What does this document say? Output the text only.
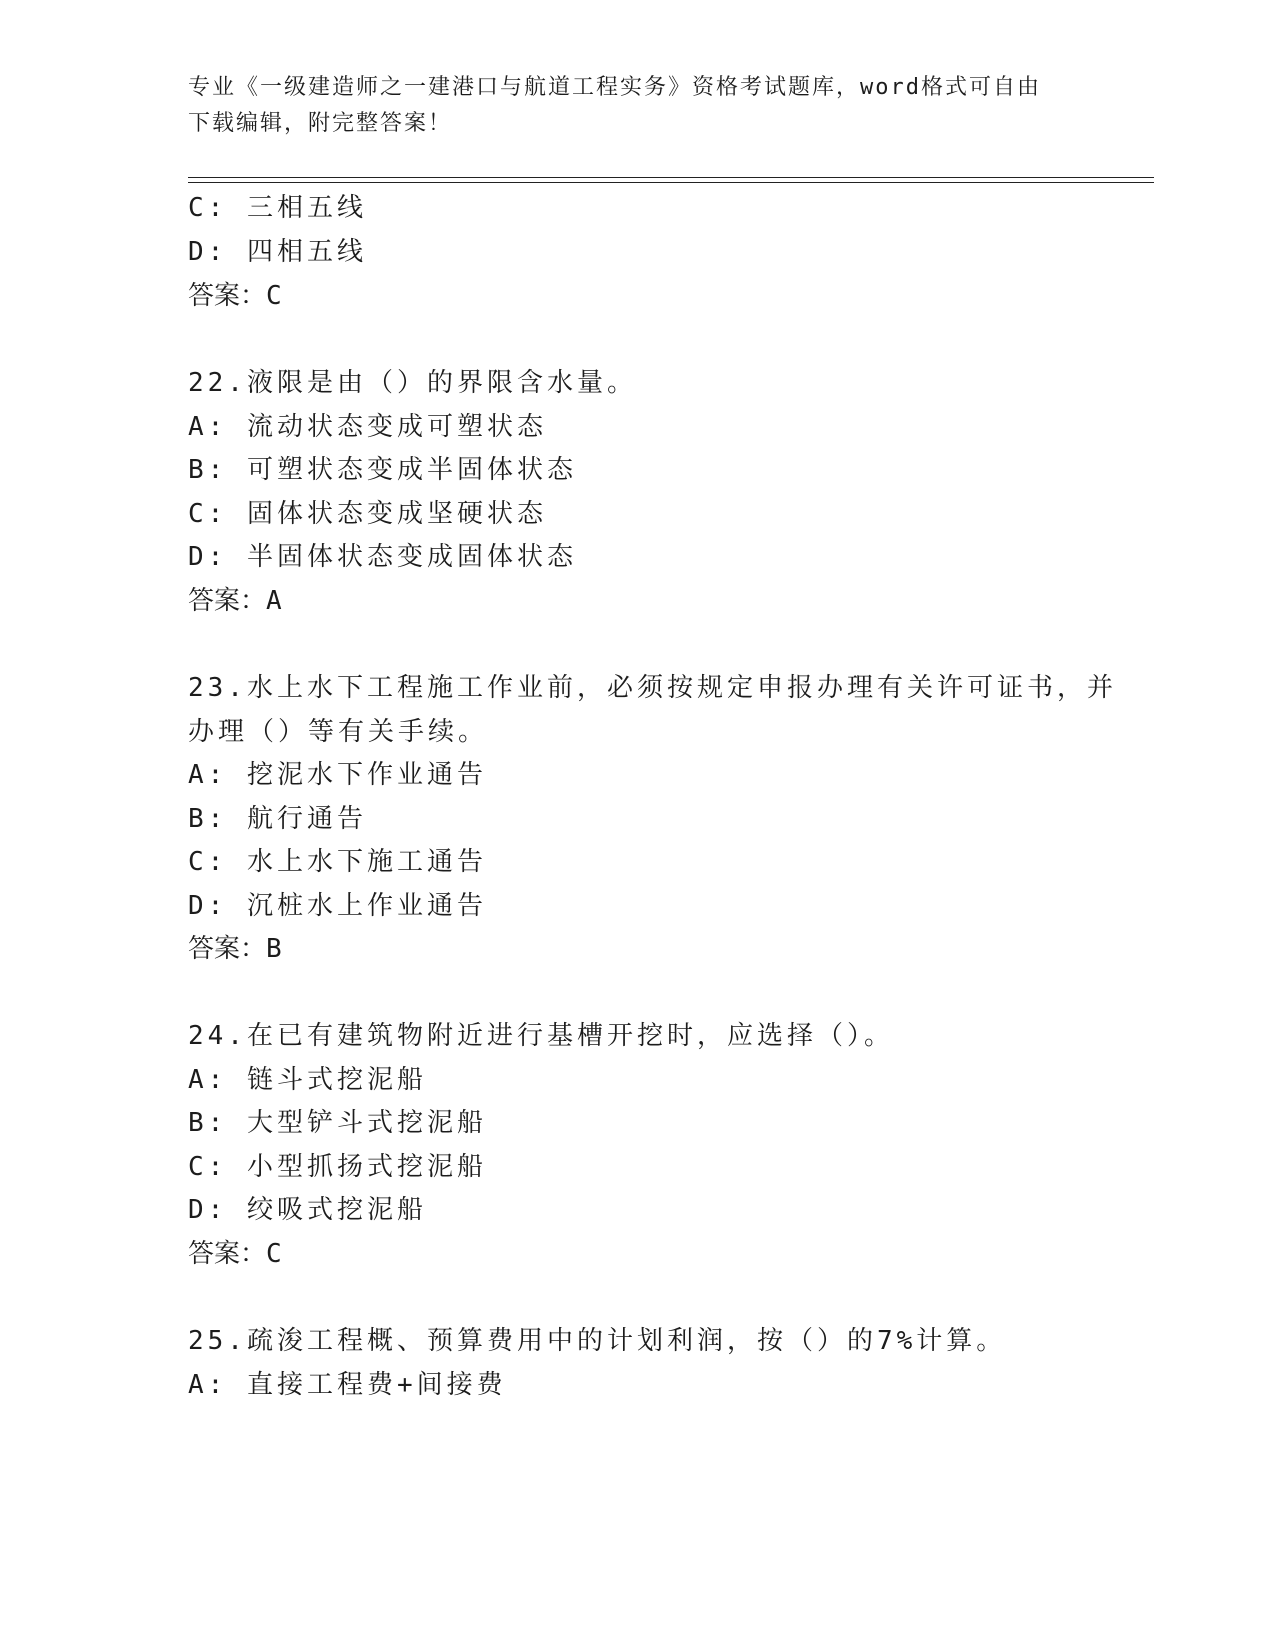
专业《一级建造师之一建港口与航道工程实务》资格考试题库，word格式可自由
下载编辑，附完整答案！

C: 三相五线

D: 四相五线

答案：C

22.液限是由（）的界限含水量。

A: 流动状态变成可塑状态

B: 可塑状态变成半固体状态

C: 固体状态变成坚硬状态

D: 半固体状态变成固体状态

答案：A

23.水上水下工程施工作业前，必须按规定申报办理有关许可证书，并

办理（）等有关手续。

A: 挖泥水下作业通告

B: 航行通告

C: 水上水下施工通告

D: 沉桩水上作业通告

答案：B

24.在已有建筑物附近进行基槽开挖时，应选择（）。

A: 链斗式挖泥船

B: 大型铲斗式挖泥船

C: 小型抓扬式挖泥船

D: 绞吸式挖泥船

答案：C

25.疏浚工程概、预算费用中的计划利润，按（）的7%计算。

A: 直接工程费+间接费
